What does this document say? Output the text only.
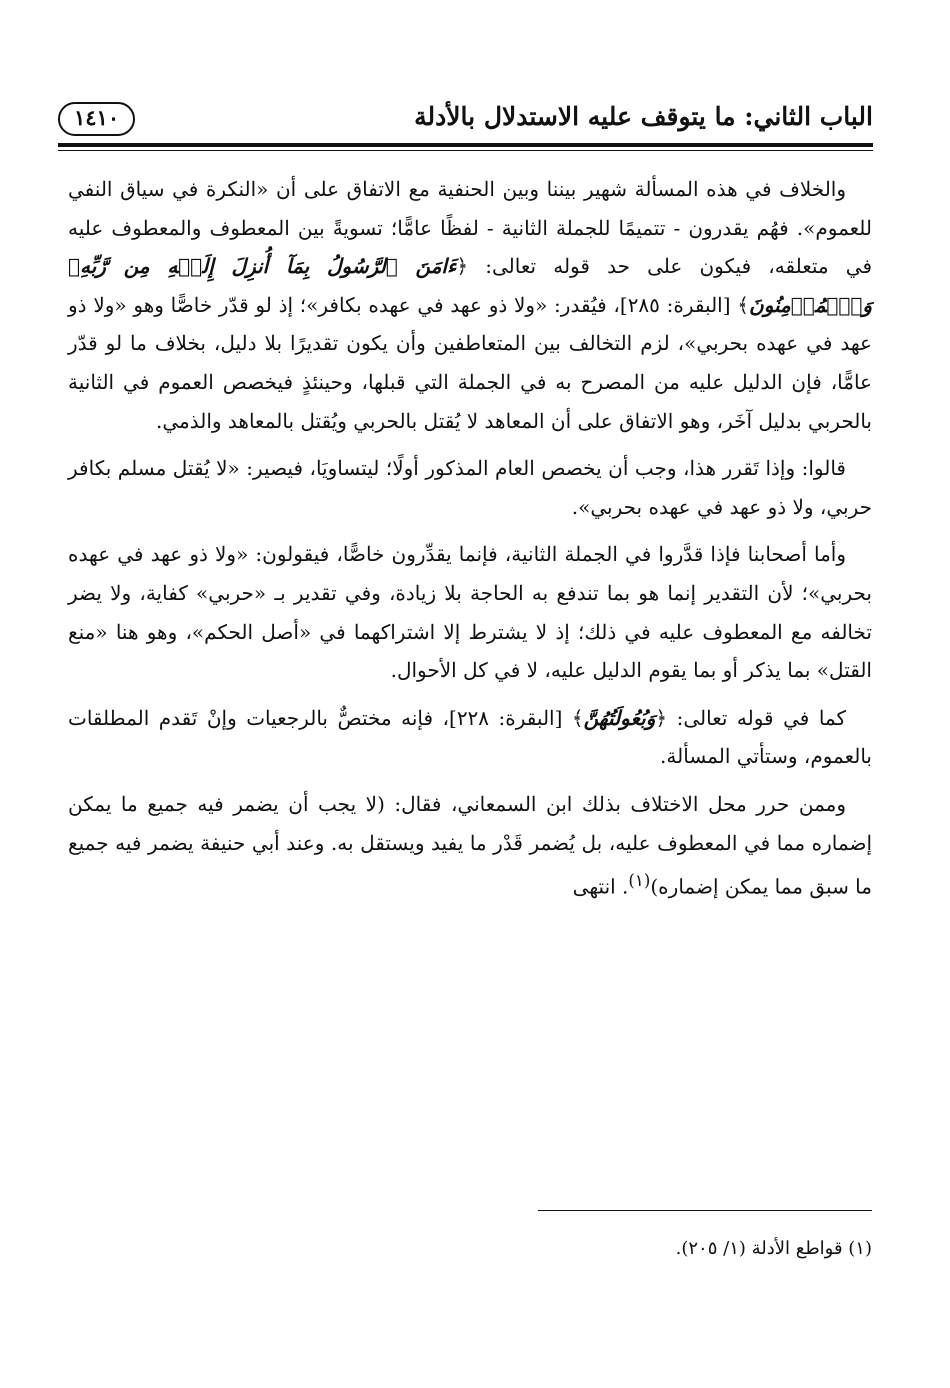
الباب الثاني: ما يتوقف عليه الاستدلال بالأدلة
١٤١٠

والخلاف في هذه المسألة شهير بيننا وبين الحنفية مع الاتفاق على أن «النكرة في سياق النفي للعموم». فهُم يقدرون - تتميمًا للجملة الثانية - لفظًا عامًّا؛ تسويةً بين المعطوف والمعطوف عليه في متعلقه، فيكون على حد قوله تعالى: ﴿ءَامَنَ ٱلرَّسُولُ بِمَآ أُنزِلَ إِلَيۡهِ مِن رَّبِّهِۦ وَٱلۡمُؤۡمِنُونَ﴾ [البقرة: ٢٨٥]، فيُقدر: «ولا ذو عهد في عهده بكافر»؛ إذ لو قدّر خاصًّا وهو «ولا ذو عهد في عهده بحربي»، لزم التخالف بين المتعاطفين وأن يكون تقديرًا بلا دليل، بخلاف ما لو قدّر عامًّا، فإن الدليل عليه من المصرح به في الجملة التي قبلها، وحينئذٍ فيخصص العموم في الثانية بالحربي بدليل آخَر، وهو الاتفاق على أن المعاهد لا يُقتل بالحربي ويُقتل بالمعاهد والذمي.

قالوا: وإذا تَقرر هذا، وجب أن يخصص العام المذكور أولًا؛ ليتساويَا، فيصير: «لا يُقتل مسلم بكافر حربي، ولا ذو عهد في عهده بحربي».

وأما أصحابنا فإذا قدَّروا في الجملة الثانية، فإنما يقدِّرون خاصًّا، فيقولون: «ولا ذو عهد في عهده بحربي»؛ لأن التقدير إنما هو بما تندفع به الحاجة بلا زيادة، وفي تقدير بـ «حربي» كفاية، ولا يضر تخالفه مع المعطوف عليه في ذلك؛ إذ لا يشترط إلا اشتراكهما في «أصل الحكم»، وهو هنا «منع القتل» بما يذكر أو بما يقوم الدليل عليه، لا في كل الأحوال.

كما في قوله تعالى: ﴿وَبُعُولَتُهُنَّ﴾ [البقرة: ٢٢٨]، فإنه مختصٌّ بالرجعيات وإنْ تَقدم المطلقات بالعموم، وستأتي المسألة.

وممن حرر محل الاختلاف بذلك ابن السمعاني، فقال: (لا يجب أن يضمر فيه جميع ما يمكن إضماره مما في المعطوف عليه، بل يُضمر قَدْر ما يفيد ويستقل به. وعند أبي حنيفة يضمر فيه جميع ما سبق مما يمكن إضماره)$^{(١)}$. انتهى

(١) قواطع الأدلة (١/ ٢٠٥).
